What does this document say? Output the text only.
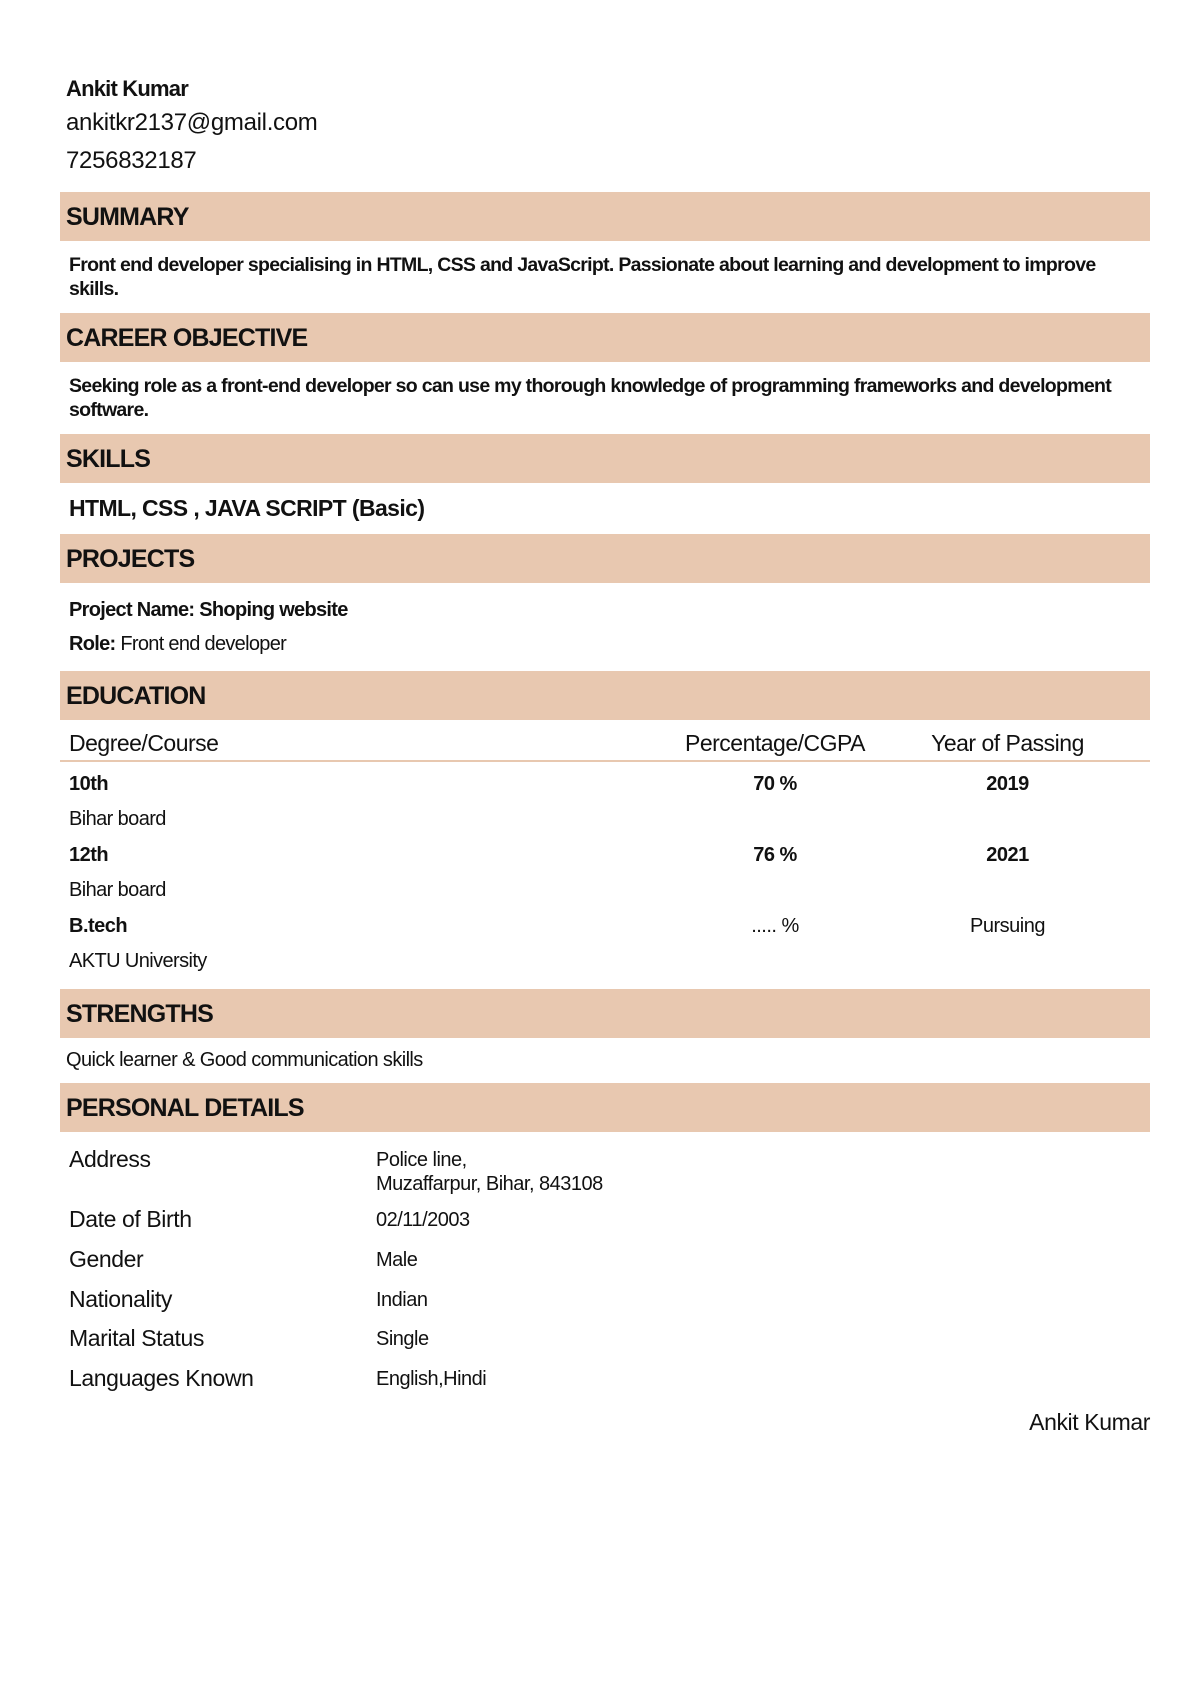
Ankit Kumar
ankitkr2137@gmail.com
7256832187
SUMMARY
Front end developer specialising in HTML, CSS and JavaScript. Passionate about learning and development to improve skills.
CAREER OBJECTIVE
Seeking role as a front-end developer so can use my thorough knowledge of programming frameworks and development software.
SKILLS
HTML, CSS , JAVA SCRIPT (Basic)
PROJECTS
Project Name: Shoping website
Role: Front end developer
EDUCATION
Degree/Course	Percentage/CGPA	Year of Passing
10th	70 %	2019
Bihar board
12th	76 %	2021
Bihar board
B.tech	..... %	Pursuing
AKTU University
STRENGTHS
Quick learner & Good communication skills
PERSONAL DETAILS
Address	Police line,
Muzaffarpur, Bihar, 843108
Date of Birth	02/11/2003
Gender	Male
Nationality	Indian
Marital Status	Single
Languages Known	English,Hindi
Ankit Kumar
